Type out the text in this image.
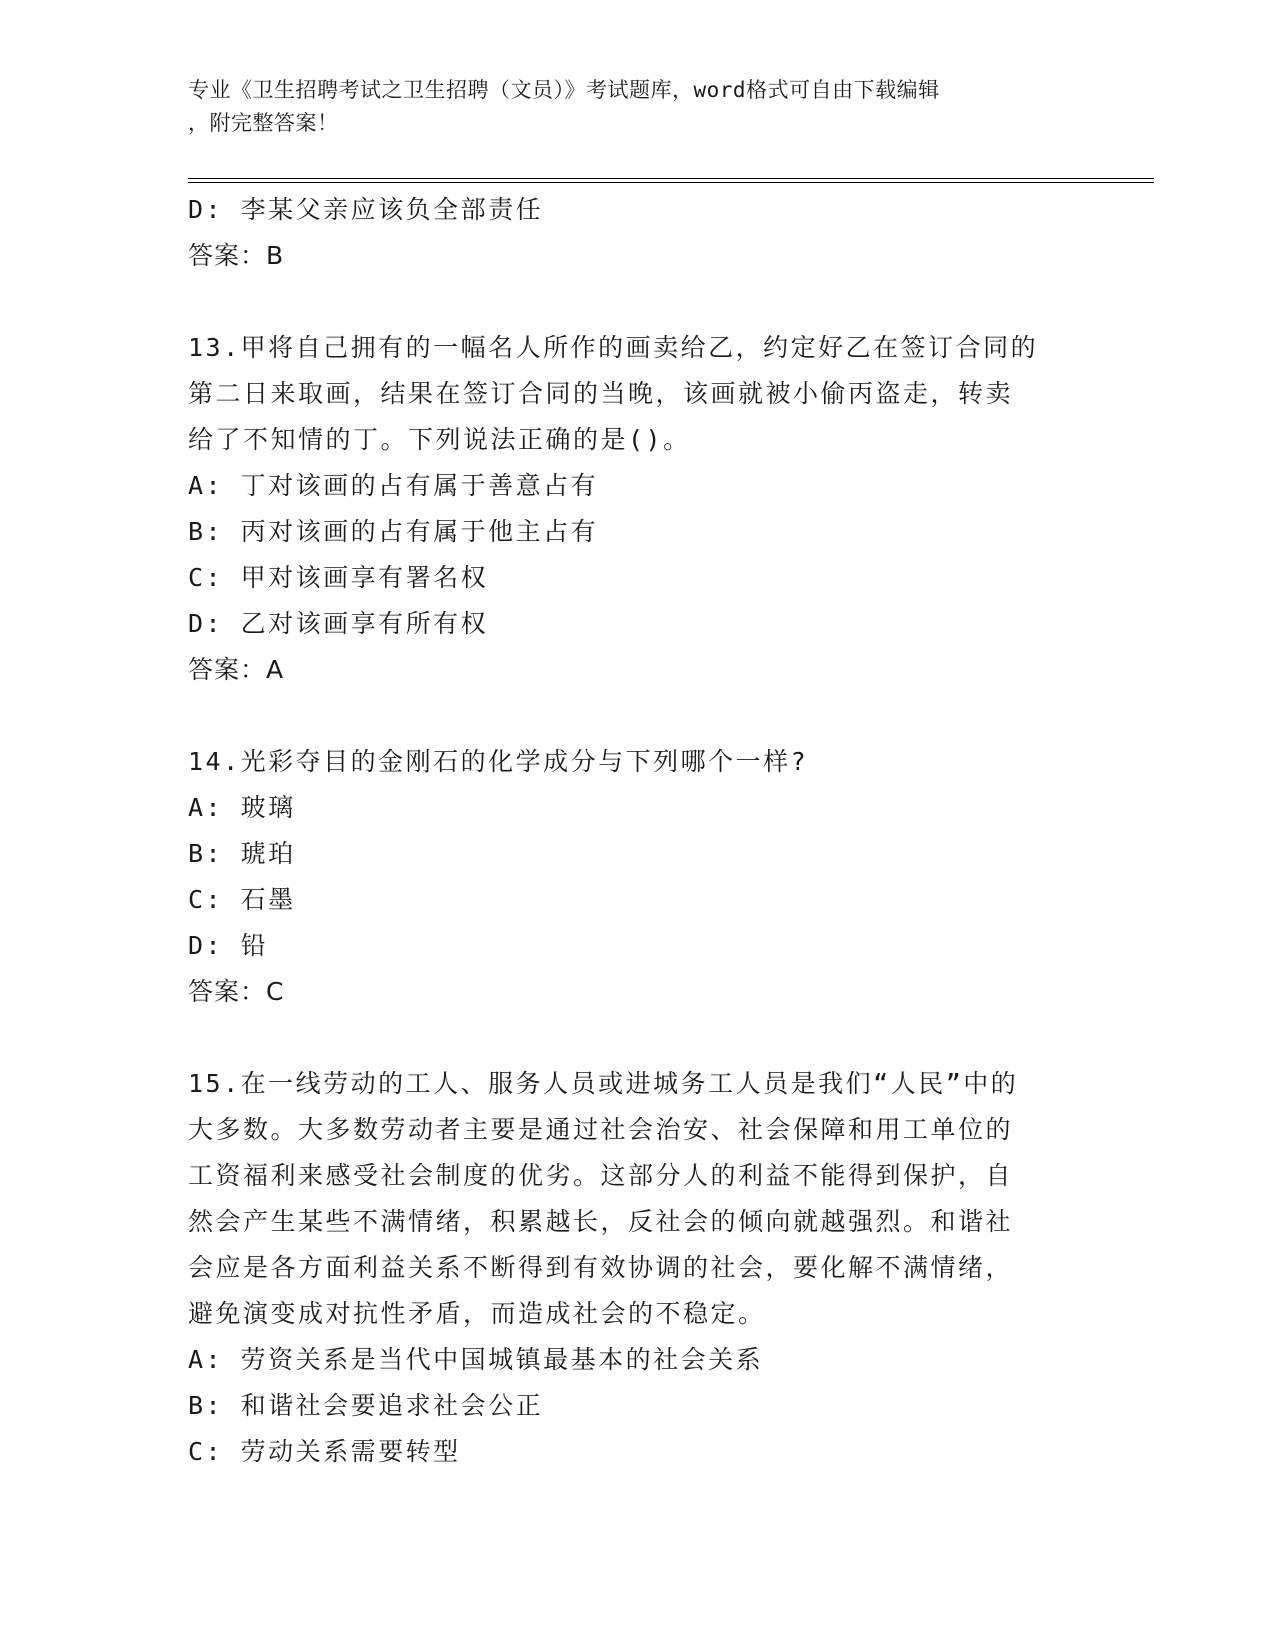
专业《卫生招聘考试之卫生招聘（文员）》考试题库，word格式可自由下载编辑
，附完整答案！
D: 李某父亲应该负全部责任
答案：B
13.甲将自己拥有的一幅名人所作的画卖给乙，约定好乙在签订合同的
第二日来取画，结果在签订合同的当晚，该画就被小偷丙盗走，转卖
给了不知情的丁。下列说法正确的是()。
A: 丁对该画的占有属于善意占有
B: 丙对该画的占有属于他主占有
C: 甲对该画享有署名权
D: 乙对该画享有所有权
答案：A
14.光彩夺目的金刚石的化学成分与下列哪个一样?
A: 玻璃
B: 琥珀
C: 石墨
D: 铅
答案：C
15.在一线劳动的工人、服务人员或进城务工人员是我们“人民”中的
大多数。大多数劳动者主要是通过社会治安、社会保障和用工单位的
工资福利来感受社会制度的优劣。这部分人的利益不能得到保护，自
然会产生某些不满情绪，积累越长，反社会的倾向就越强烈。和谐社
会应是各方面利益关系不断得到有效协调的社会，要化解不满情绪，
避免演变成对抗性矛盾，而造成社会的不稳定。
A: 劳资关系是当代中国城镇最基本的社会关系
B: 和谐社会要追求社会公正
C: 劳动关系需要转型
